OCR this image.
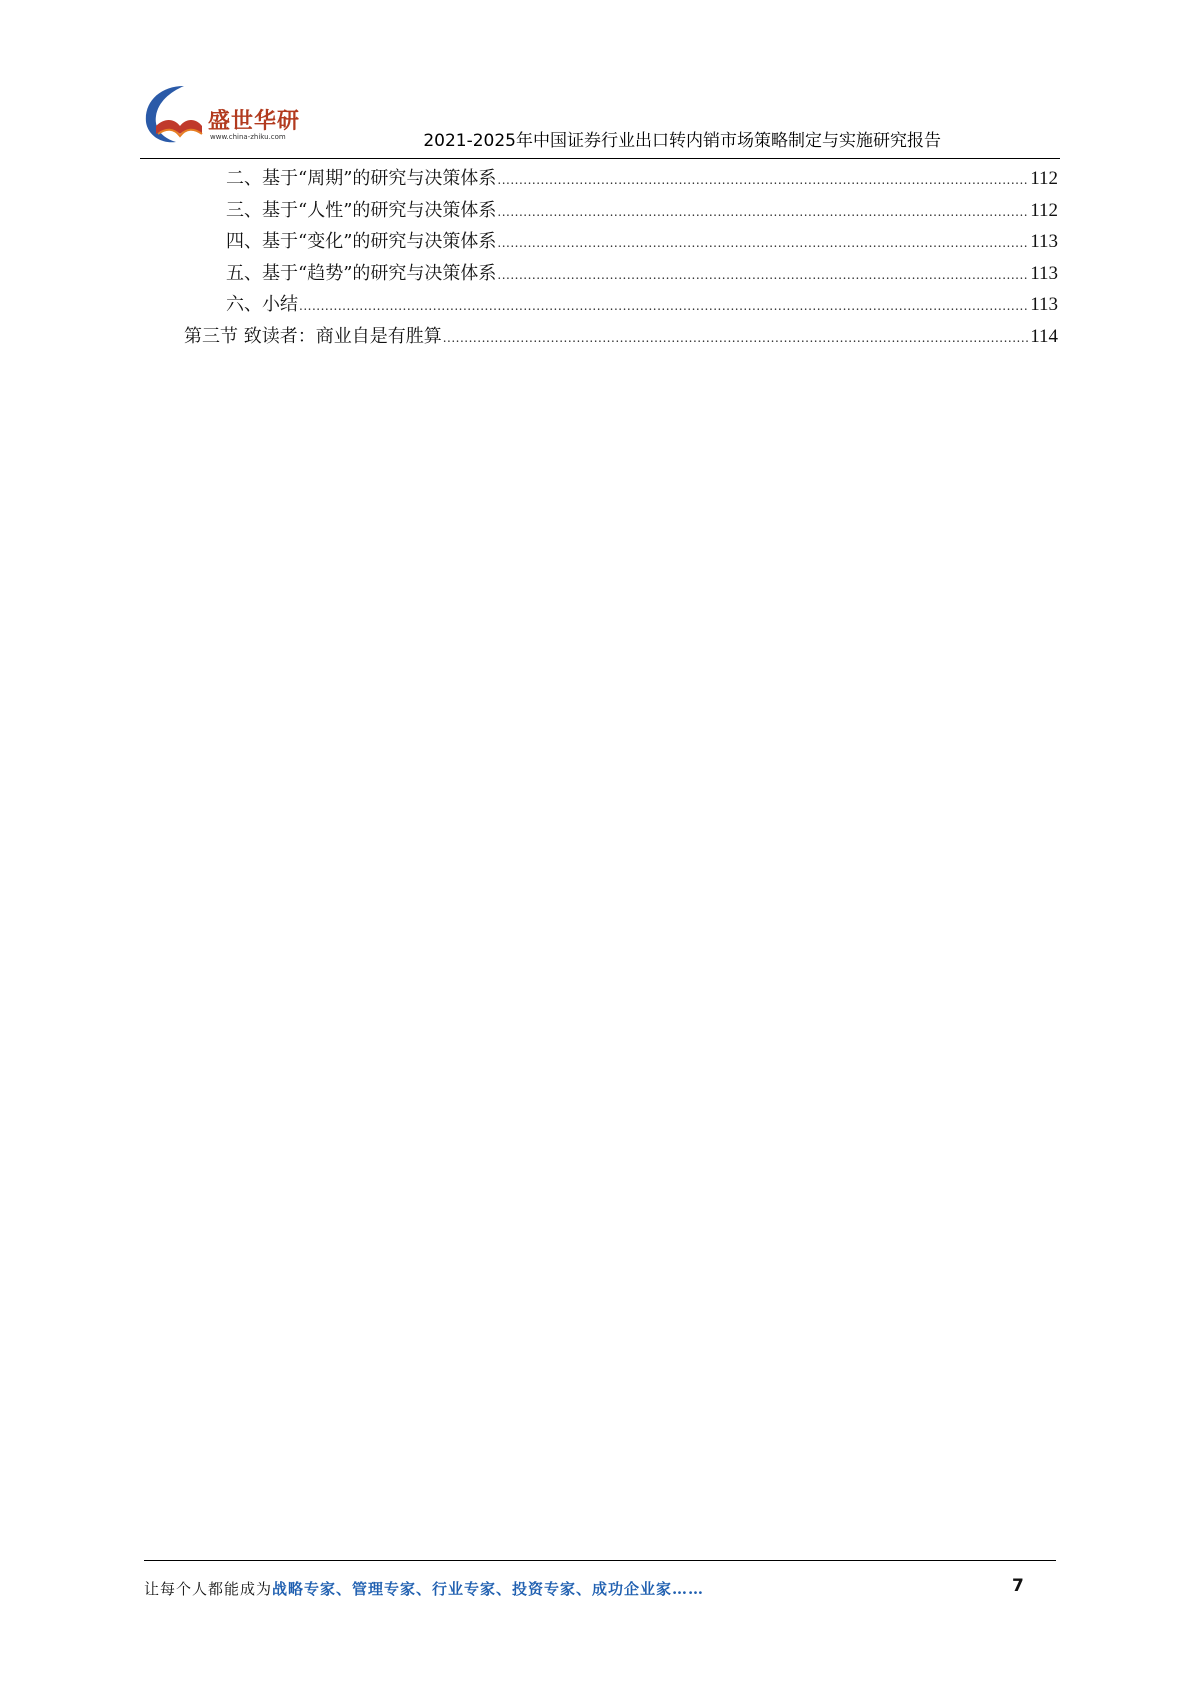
盛世华研
www.china-zhiku.com	2021-2025年中国证券行业出口转内销市场策略制定与实施研究报告
二、基于“周期”的研究与决策体系 .....	112
三、基于“人性”的研究与决策体系 .....	112
四、基于“变化”的研究与决策体系 .....	113
五、基于“趋势”的研究与决策体系 .....	113
六、小结 .....	113
第三节 致读者：商业自是有胜算 .....	114
让每个人都能成为战略专家、管理专家、行业专家、投资专家、成功企业家……	7
